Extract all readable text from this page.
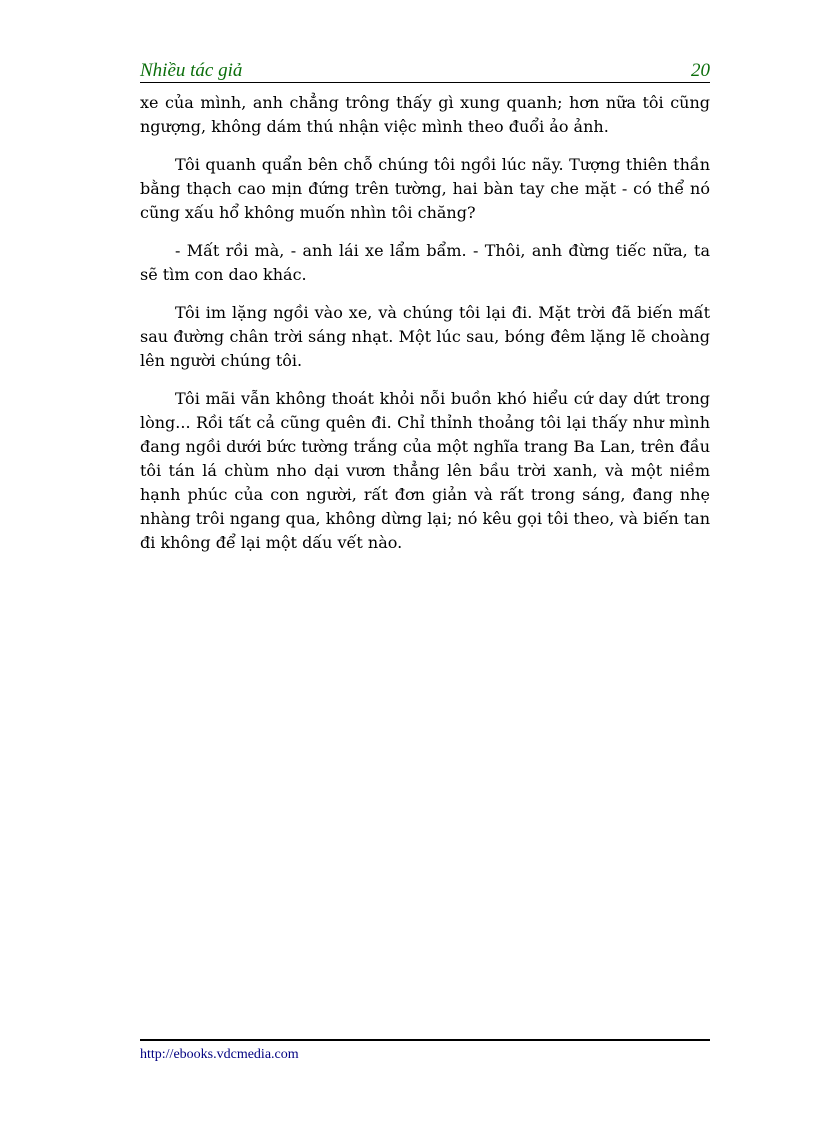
Nhiều tác giả	20

xe của mình, anh chẳng trông thấy gì xung quanh; hơn nữa tôi cũng ngượng, không dám thú nhận việc mình theo đuổi ảo ảnh.

Tôi quanh quẩn bên chỗ chúng tôi ngồi lúc nãy. Tượng thiên thần bằng thạch cao mịn đứng trên tường, hai bàn tay che mặt - có thể nó cũng xấu hổ không muốn nhìn tôi chăng?

- Mất rồi mà, - anh lái xe lẩm bẩm. - Thôi, anh đừng tiếc nữa, ta sẽ tìm con dao khác.

Tôi im lặng ngồi vào xe, và chúng tôi lại đi. Mặt trời đã biến mất sau đường chân trời sáng nhạt. Một lúc sau, bóng đêm lặng lẽ choàng lên người chúng tôi.

Tôi mãi vẫn không thoát khỏi nỗi buồn khó hiểu cứ day dứt trong lòng... Rồi tất cả cũng quên đi. Chỉ thỉnh thoảng tôi lại thấy như mình đang ngồi dưới bức tường trắng của một nghĩa trang Ba Lan, trên đầu tôi tán lá chùm nho dại vươn thẳng lên bầu trời xanh, và một niềm hạnh phúc của con người, rất đơn giản và rất trong sáng, đang nhẹ nhàng trôi ngang qua, không dừng lại; nó kêu gọi tôi theo, và biến tan đi không để lại một dấu vết nào.

http://ebooks.vdcmedia.com
